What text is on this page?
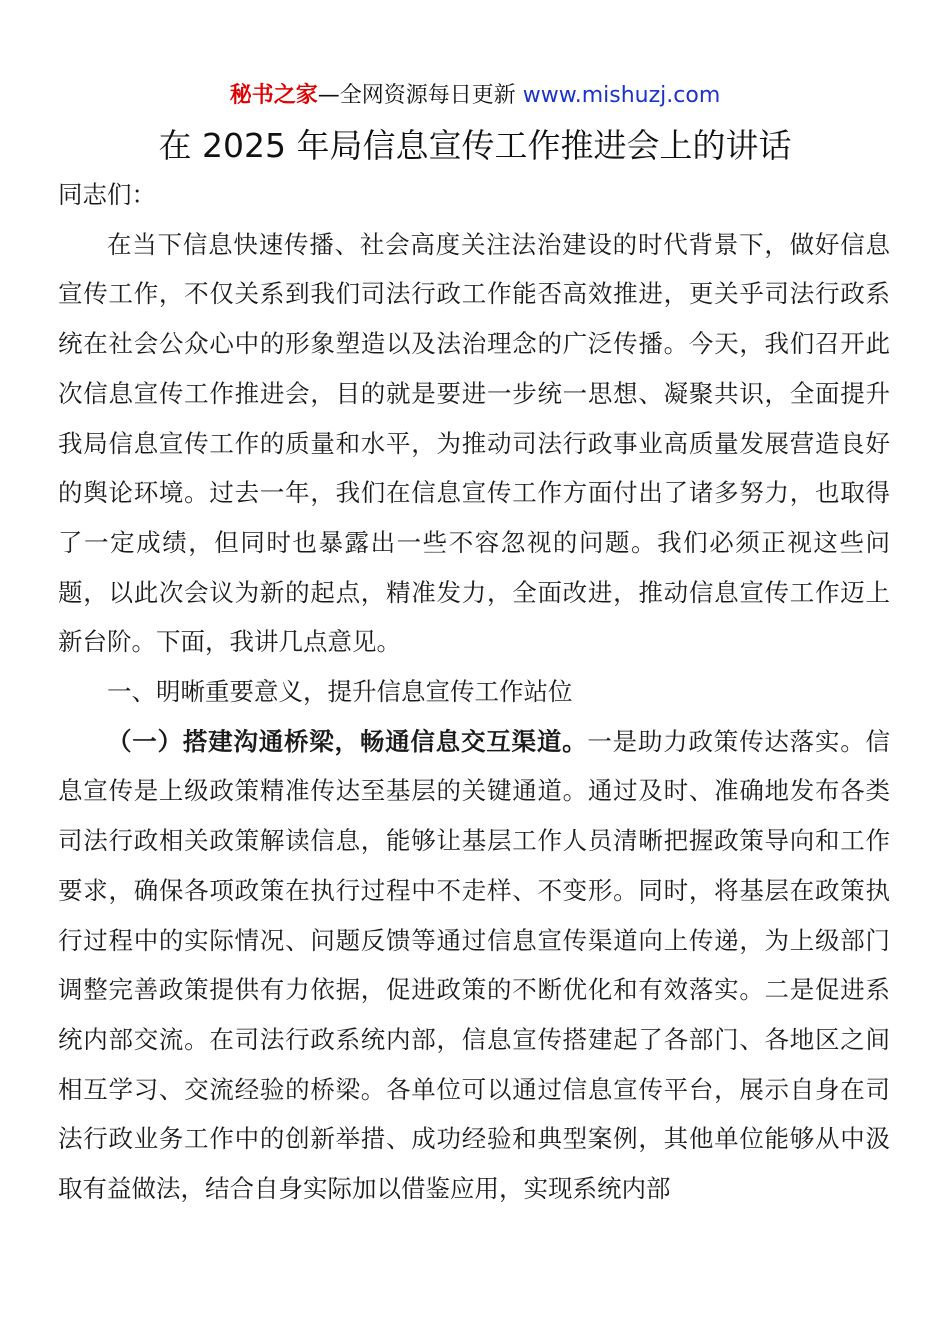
秘书之家—全网资源每日更新 www.mishuzj.com
在 2025 年局信息宣传工作推进会上的讲话

同志们：

在当下信息快速传播、社会高度关注法治建设的时代背景下，做好信息宣传工作，不仅关系到我们司法行政工作能否高效推进，更关乎司法行政系统在社会公众心中的形象塑造以及法治理念的广泛传播。今天，我们召开此次信息宣传工作推进会，目的就是要进一步统一思想、凝聚共识，全面提升我局信息宣传工作的质量和水平，为推动司法行政事业高质量发展营造良好的舆论环境。过去一年，我们在信息宣传工作方面付出了诸多努力，也取得了一定成绩，但同时也暴露出一些不容忽视的问题。我们必须正视这些问题，以此次会议为新的起点，精准发力，全面改进，推动信息宣传工作迈上新台阶。下面，我讲几点意见。

一、明晰重要意义，提升信息宣传工作站位

（一）搭建沟通桥梁，畅通信息交互渠道。一是助力政策传达落实。信息宣传是上级政策精准传达至基层的关键通道。通过及时、准确地发布各类司法行政相关政策解读信息，能够让基层工作人员清晰把握政策导向和工作要求，确保各项政策在执行过程中不走样、不变形。同时，将基层在政策执行过程中的实际情况、问题反馈等通过信息宣传渠道向上传递，为上级部门调整完善政策提供有力依据，促进政策的不断优化和有效落实。二是促进系统内部交流。在司法行政系统内部，信息宣传搭建起了各部门、各地区之间相互学习、交流经验的桥梁。各单位可以通过信息宣传平台，展示自身在司法行政业务工作中的创新举措、成功经验和典型案例，其他单位能够从中汲取有益做法，结合自身实际加以借鉴应用，实现系统内部
